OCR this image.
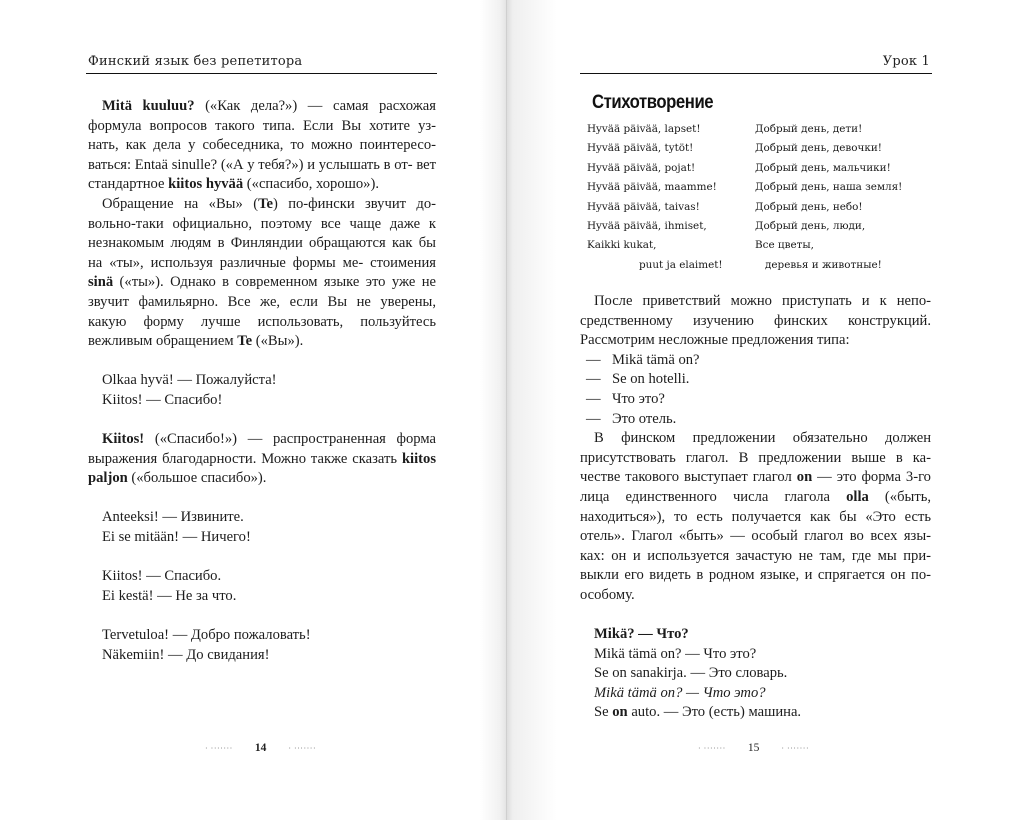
Финский язык без репетитора

Mitä kuuluu? («Как дела?») — самая расхожая формула вопросов такого типа. Если Вы хотите уз- нать, как дела у собеседника, то можно поинтересо- ваться: Entaä sinulle? («А у тебя?») и услышать в от- вет стандартное kiitos hyvää («спасибо, хорошо»).

Обращение на «Вы» (Te) по-фински звучит до- вольно-таки официально, поэтому все чаще даже к незнакомым людям в Финляндии обращаются как бы на «ты», используя различные формы ме- стоимения sinä («ты»). Однако в современном языке это уже не звучит фамильярно. Все же, если Вы не уверены, какую форму лучше использовать, пользуйтесь вежливым обращением Te («Вы»).

Olkaa hyvä! — Пожалуйста!
Kiitos! — Спасибо!

Kiitos! («Спасибо!») — распространенная форма выражения благодарности. Можно также сказать kiitos paljon («большое спасибо»).

Anteeksi! — Извините.
Ei se mitään! — Ничего!
Kiitos! — Спасибо.
Ei kestä! — Не за что.
Tervetuloa! — Добро пожаловать!
Näkemiin! — До свидания!
· ······· 14	· ·······
Урок 1
Стихотворение
Hyvää päivää, lapset!	Добрый день, дети!
Hyvää päivää, tytöt!	Добрый день, девочки!
Hyvää päivää, pojat!	Добрый день, мальчики!
Hyvää päivää, maamme!	Добрый день, наша земля!
Hyvää päivää, taivas!	Добрый день, небо!
Hyvää päivää, ihmiset,	Добрый день, люди,
Kaikki kukat,	Все цветы,
puut ja elaimet!	деревья и животные!

После приветствий можно приступать и к непо- средственному изучению финских конструкций. Рассмотрим несложные предложения типа:

— Mikä tämä on?
— Se on hotelli.
— Что это?
— Это отель.

В финском предложении обязательно должен присутствовать глагол. В предложении выше в ка- честве такового выступает глагол on — это форма 3-го лица единственного числа глагола olla («быть, находиться»), то есть получается как бы «Это есть отель». Глагол «быть» — особый глагол во всех язы- ках: он и используется зачастую не там, где мы при- выкли его видеть в родном языке, и спрягается он по-особому.

Mikä? — Что?
Mikä tämä on? — Что это?
Se on sanakirja. — Это словарь.
Mikä tämä on? — Что это?
Se on auto. — Это (есть) машина.
· ······· 15	· ·······
